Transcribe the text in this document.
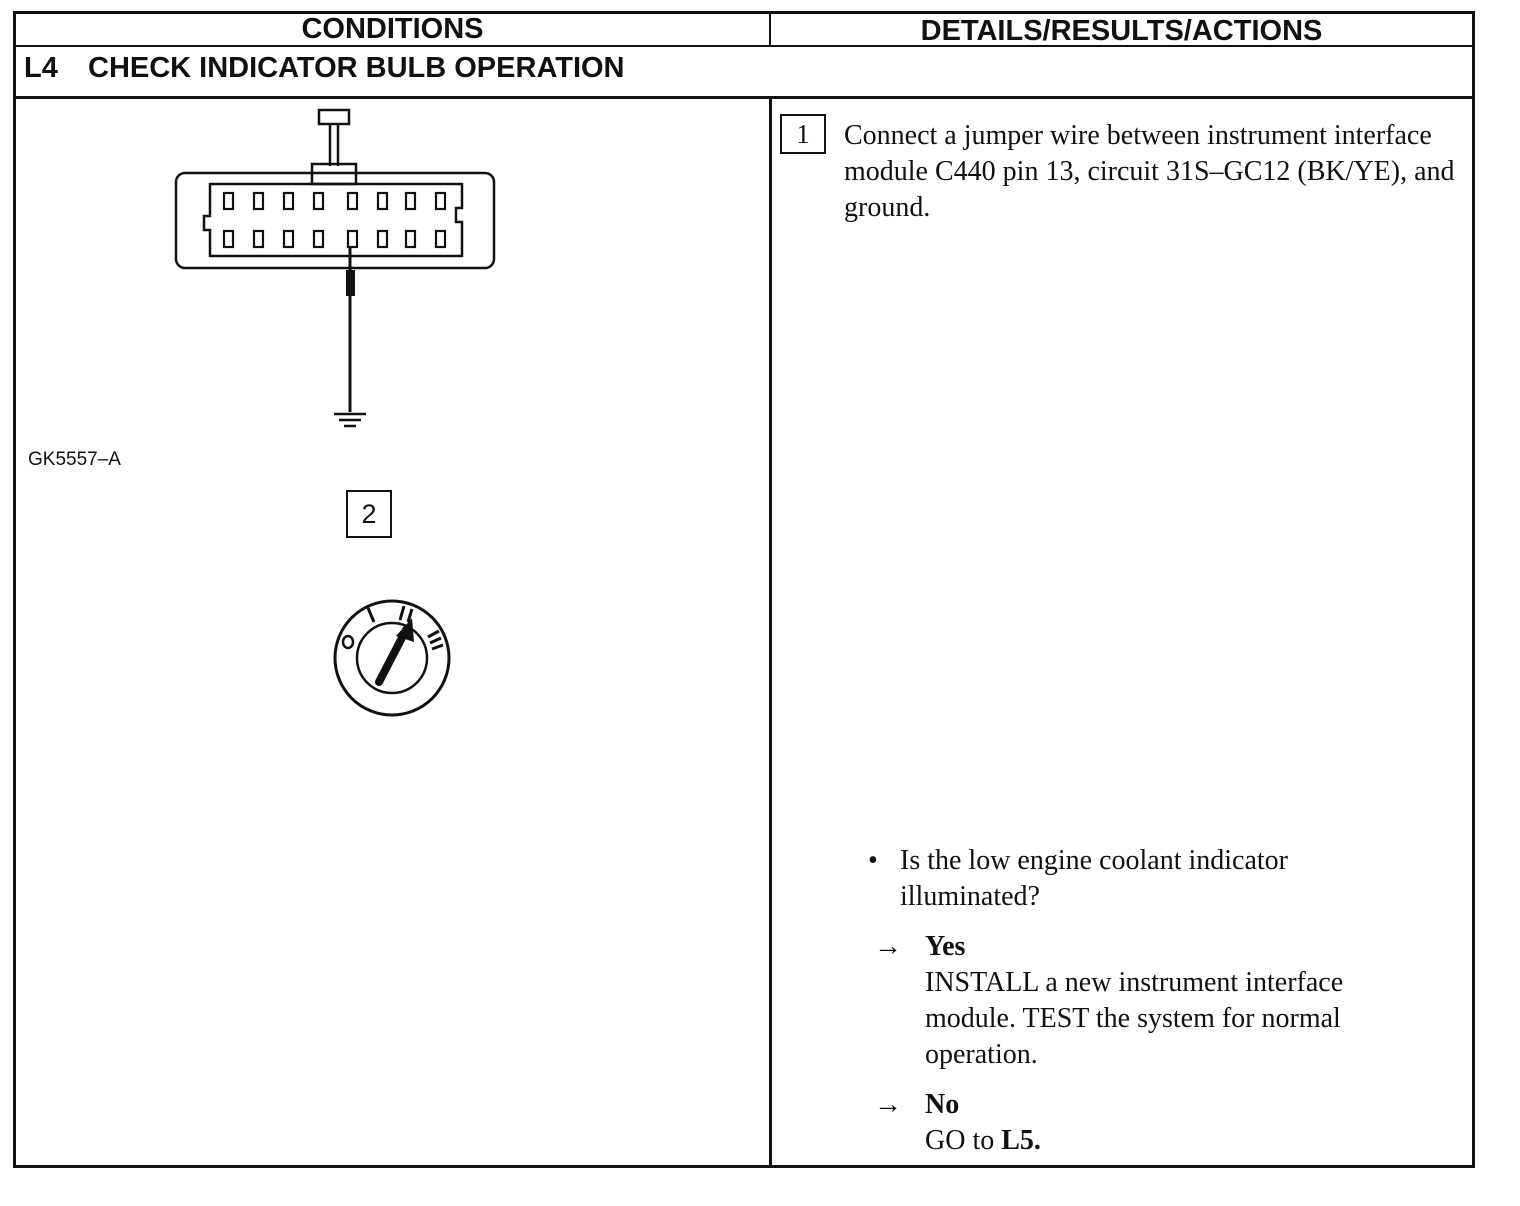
CONDITIONS	DETAILS/RESULTS/ACTIONS
L4 CHECK INDICATOR BULB OPERATION
GK5557–A
2
1	Connect a jumper wire between instrument interface module C440 pin 13, circuit 31S–GC12 (BK/YE), and ground.
• Is the low engine coolant indicator illuminated?
→ Yes
INSTALL a new instrument interface module. TEST the system for normal operation.
→ No
GO to L5.
